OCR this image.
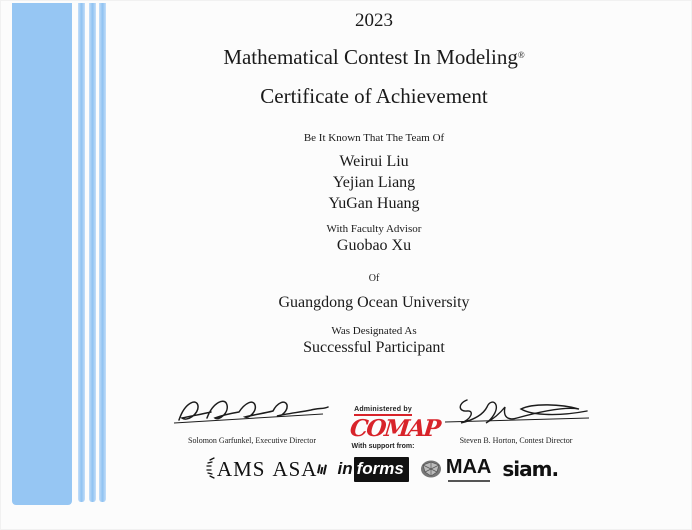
2023
Mathematical Contest In Modeling®
Certificate of Achievement
Be It Known That The Team Of
Weirui Liu
Yejian Liang
YuGan Huang
With Faculty Advisor
Guobao Xu
Of
Guangdong Ocean University
Was Designated As
Successful Participant
Solomon Garfunkel, Executive Director
Administered by COMAP
With support from:
Steven B. Horton, Contest Director
AMS ASA in forms MAA siam.
